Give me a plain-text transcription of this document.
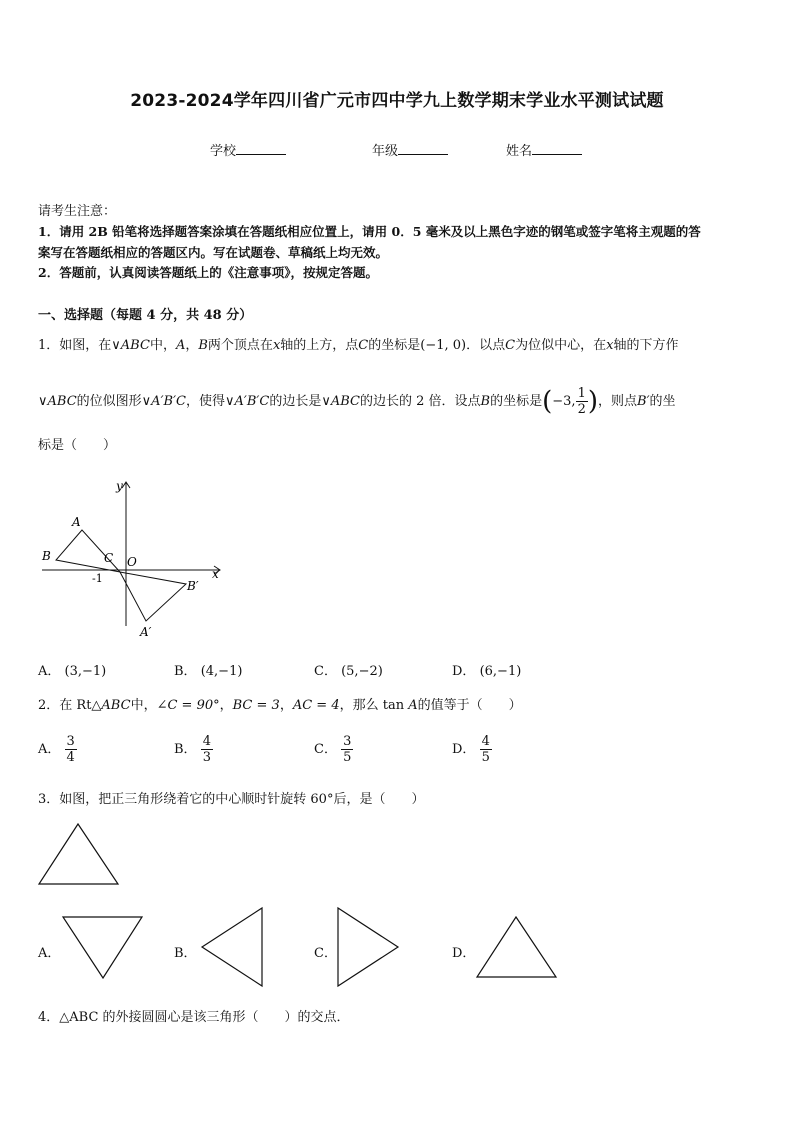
2023-2024学年四川省广元市四中学九上数学期末学业水平测试试题
学校	年级	姓名
请考生注意：
1．请用 2B 铅笔将选择题答案涂填在答题纸相应位置上，请用 0．5 毫米及以上黑色字迹的钢笔或签字笔将主观题的答
案写在答题纸相应的答题区内。写在试题卷、草稿纸上均无效。
2．答题前，认真阅读答题纸上的《注意事项》，按规定答题。
一、选择题（每题 4 分，共 48 分）
1．如图，在∨ABC中，A，B两个顶点在x轴的上方，点C的坐标是(−1, 0)．以点C为位似中心，在x轴的下方作
∨ABC的位似图形∨A′B′C，使得∨A′B′C的边长是∨ABC的边长的 2 倍．设点B的坐标是(−3, $\frac{1}{2}$ )，则点B′的坐
标是（　　）
y
x
A
B	C O
-1
B′
A′
A． (3,−1)	B． (4,−1)	C． (5,−2)	D． (6,−1)
2．在 Rt△ABC中，∠C = 90°，BC = 3，AC = 4，那么 tan A的值等于（　　）
A． $\frac{3}{4}$	B． $\frac{4}{3}$	C． $\frac{3}{5}$	D． $\frac{4}{5}$
3．如图，把正三角形绕着它的中心顺时针旋转 60°后，是（　　）
A．	B．	C．	D．
4．△ABC 的外接圆圆心是该三角形（　　）的交点．
